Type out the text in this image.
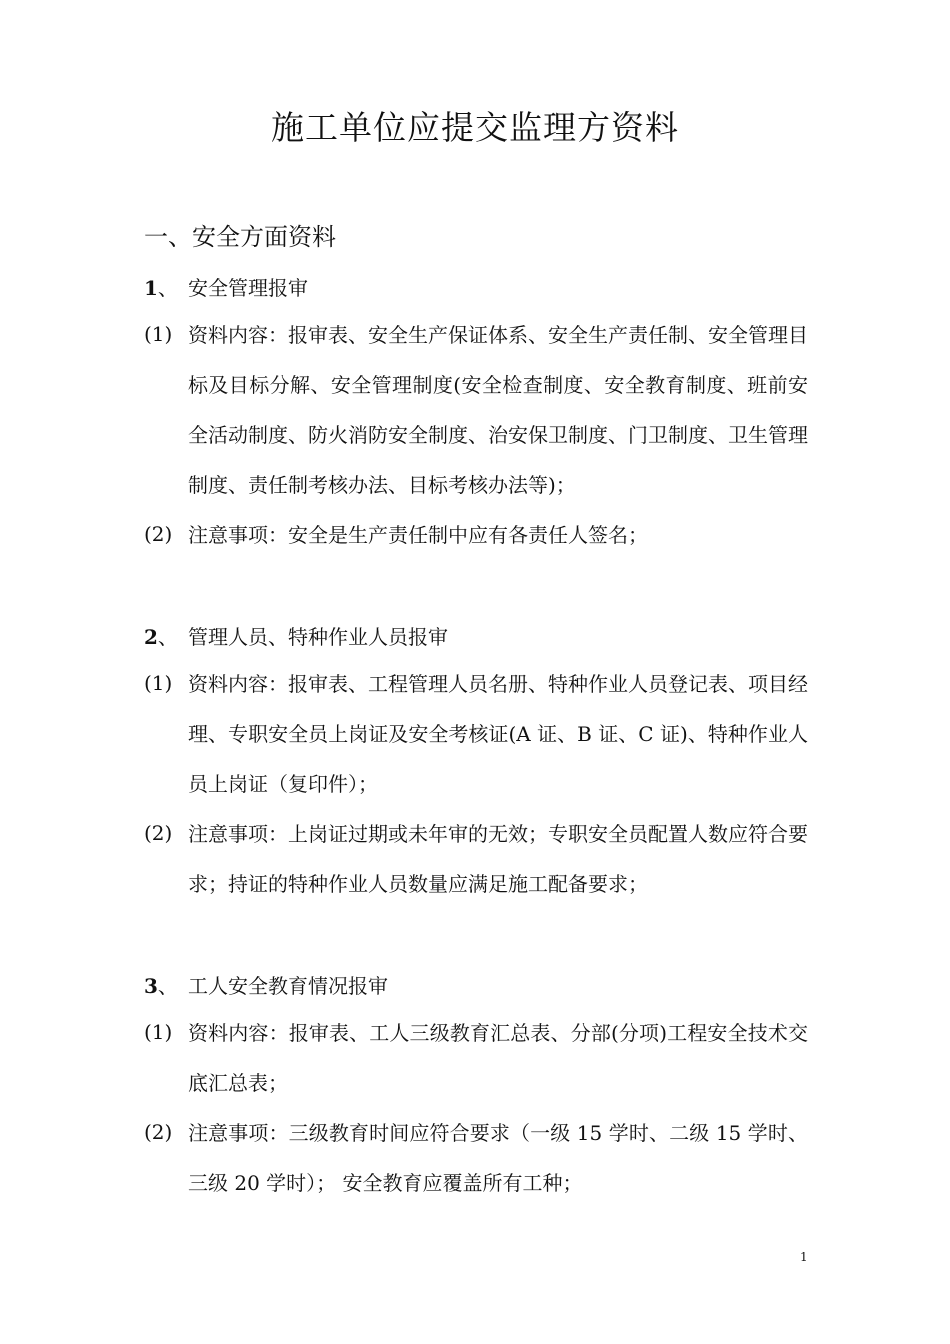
施工单位应提交监理方资料
一、安全方面资料
1、 安全管理报审
(1) 资料内容：报审表、安全生产保证体系、安全生产责任制、安全管理目标及目标分解、安全管理制度(安全检查制度、安全教育制度、班前安全活动制度、防火消防安全制度、治安保卫制度、门卫制度、卫生管理制度、责任制考核办法、目标考核办法等)；
(2) 注意事项：安全是生产责任制中应有各责任人签名；
2、 管理人员、特种作业人员报审
(1) 资料内容：报审表、工程管理人员名册、特种作业人员登记表、项目经理、专职安全员上岗证及安全考核证(A 证、B 证、C 证)、特种作业人员上岗证（复印件）；
(2) 注意事项：上岗证过期或未年审的无效；专职安全员配置人数应符合要求；持证的特种作业人员数量应满足施工配备要求；
3、 工人安全教育情况报审
(1) 资料内容：报审表、工人三级教育汇总表、分部(分项)工程安全技术交底汇总表；
(2) 注意事项：三级教育时间应符合要求（一级 15 学时、二级 15 学时、三级 20 学时）； 安全教育应覆盖所有工种；
1
